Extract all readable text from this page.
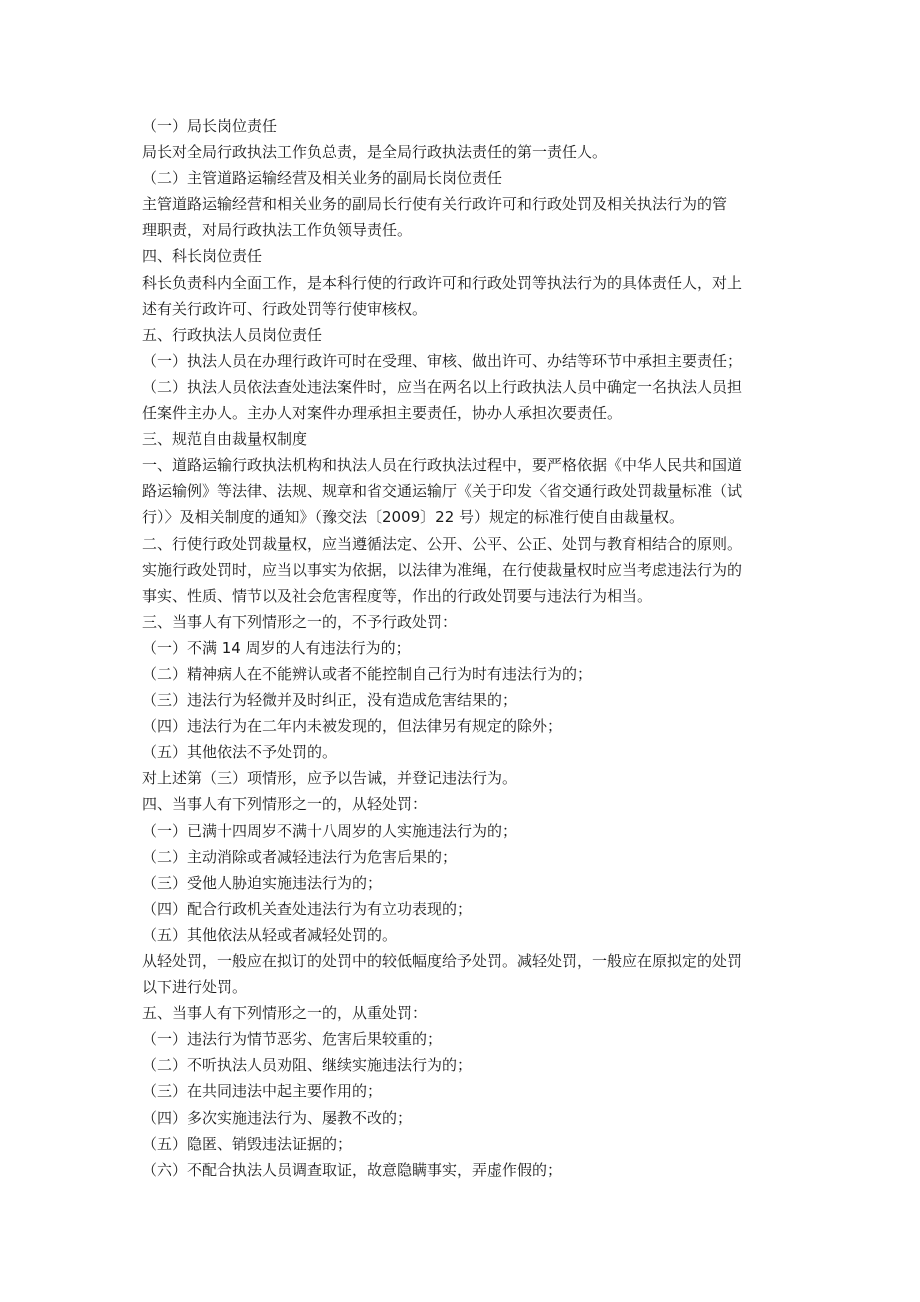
（一）局长岗位责任

局长对全局行政执法工作负总责，是全局行政执法责任的第一责任人。

（二）主管道路运输经营及相关业务的副局长岗位责任

主管道路运输经营和相关业务的副局长行使有关行政许可和行政处罚及相关执法行为的管

理职责，对局行政执法工作负领导责任。

四、科长岗位责任

科长负责科内全面工作，是本科行使的行政许可和行政处罚等执法行为的具体责任人，对上

述有关行政许可、行政处罚等行使审核权。

五、行政执法人员岗位责任

（一）执法人员在办理行政许可时在受理、审核、做出许可、办结等环节中承担主要责任；

（二）执法人员依法查处违法案件时，应当在两名以上行政执法人员中确定一名执法人员担

任案件主办人。主办人对案件办理承担主要责任，协办人承担次要责任。

三、规范自由裁量权制度

一、道路运输行政执法机构和执法人员在行政执法过程中，要严格依据《中华人民共和国道

路运输例》等法律、法规、规章和省交通运输厅《关于印发〈省交通行政处罚裁量标准（试

行）〉及相关制度的通知》（豫交法〔2009〕22 号）规定的标准行使自由裁量权。

二、行使行政处罚裁量权，应当遵循法定、公开、公平、公正、处罚与教育相结合的原则。

实施行政处罚时，应当以事实为依据，以法律为准绳，在行使裁量权时应当考虑违法行为的

事实、性质、情节以及社会危害程度等，作出的行政处罚要与违法行为相当。

三、当事人有下列情形之一的，不予行政处罚：

（一）不满 14 周岁的人有违法行为的；

（二）精神病人在不能辨认或者不能控制自己行为时有违法行为的；

（三）违法行为轻微并及时纠正，没有造成危害结果的；

（四）违法行为在二年内未被发现的，但法律另有规定的除外；

（五）其他依法不予处罚的。

对上述第（三）项情形，应予以告诫，并登记违法行为。

四、当事人有下列情形之一的，从轻处罚：

（一）已满十四周岁不满十八周岁的人实施违法行为的；

（二）主动消除或者减轻违法行为危害后果的；

（三）受他人胁迫实施违法行为的；

（四）配合行政机关查处违法行为有立功表现的；

（五）其他依法从轻或者减轻处罚的。

从轻处罚，一般应在拟订的处罚中的较低幅度给予处罚。减轻处罚，一般应在原拟定的处罚

以下进行处罚。

五、当事人有下列情形之一的，从重处罚：

（一）违法行为情节恶劣、危害后果较重的；

（二）不听执法人员劝阻、继续实施违法行为的；

（三）在共同违法中起主要作用的；

（四）多次实施违法行为、屡教不改的；

（五）隐匿、销毁违法证据的；

（六）不配合执法人员调查取证，故意隐瞒事实，弄虚作假的；
